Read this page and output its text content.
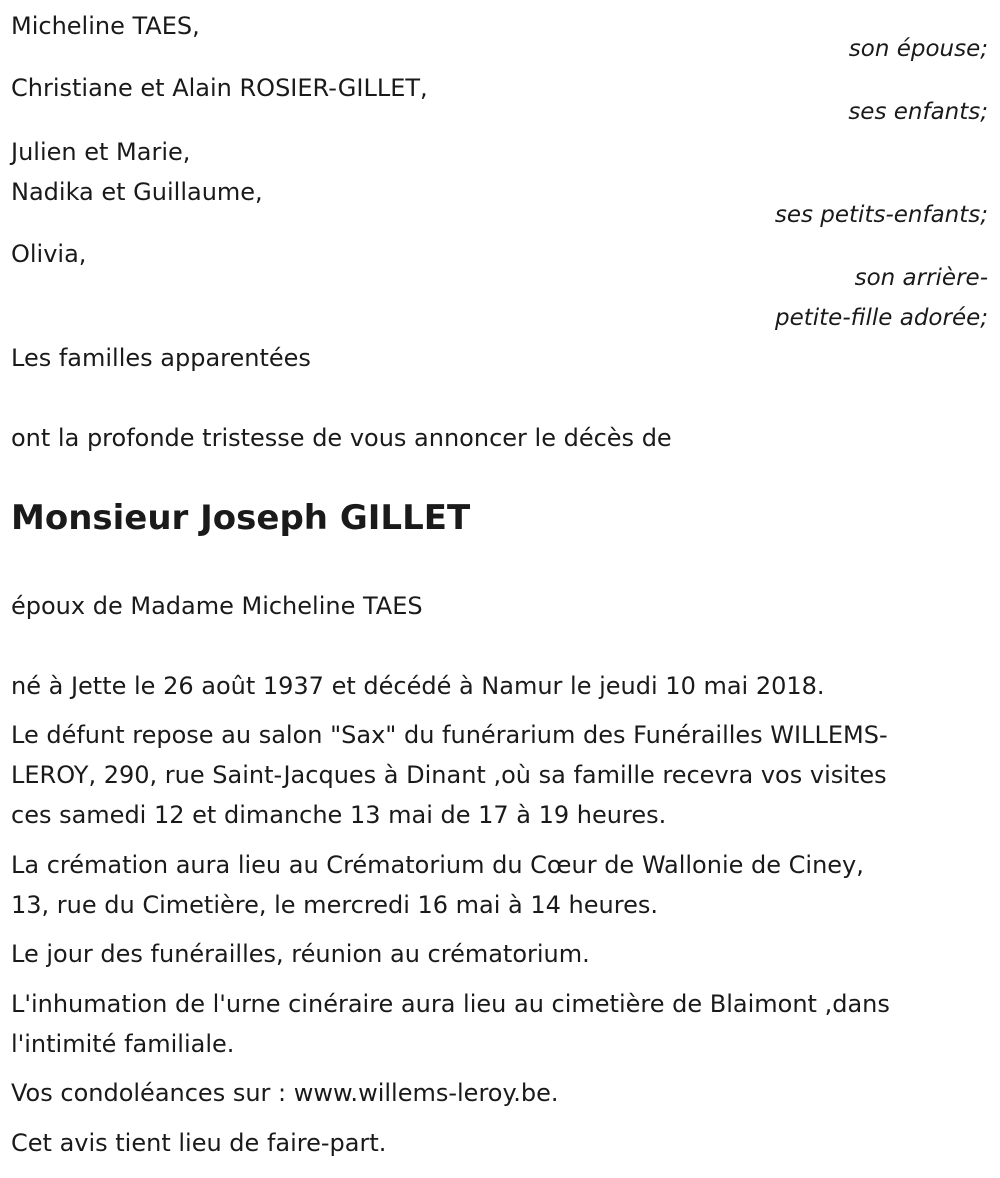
Micheline TAES,
son épouse;
Christiane et Alain ROSIER-GILLET,
ses enfants;
Julien et Marie,
Nadika et Guillaume,
ses petits-enfants;
Olivia,
son arrière-
petite-fille adorée;
Les familles apparentées
ont la profonde tristesse de vous annoncer le décès de
Monsieur Joseph GILLET
époux de Madame Micheline TAES
né à Jette le 26 août 1937 et décédé à Namur le jeudi 10 mai 2018.
Le défunt repose au salon "Sax" du funérarium des Funérailles WILLEMS-
LEROY, 290, rue Saint-Jacques à Dinant ,où sa famille recevra vos visites
ces samedi 12 et dimanche 13 mai de 17 à 19 heures.
La crémation aura lieu au Crématorium du Cœur de Wallonie de Ciney,
13, rue du Cimetière, le mercredi 16 mai à 14 heures.
Le jour des funérailles, réunion au crématorium.
L'inhumation de l'urne cinéraire aura lieu au cimetière de Blaimont ,dans
l'intimité familiale.
Vos condoléances sur : www.willems-leroy.be.
Cet avis tient lieu de faire-part.
